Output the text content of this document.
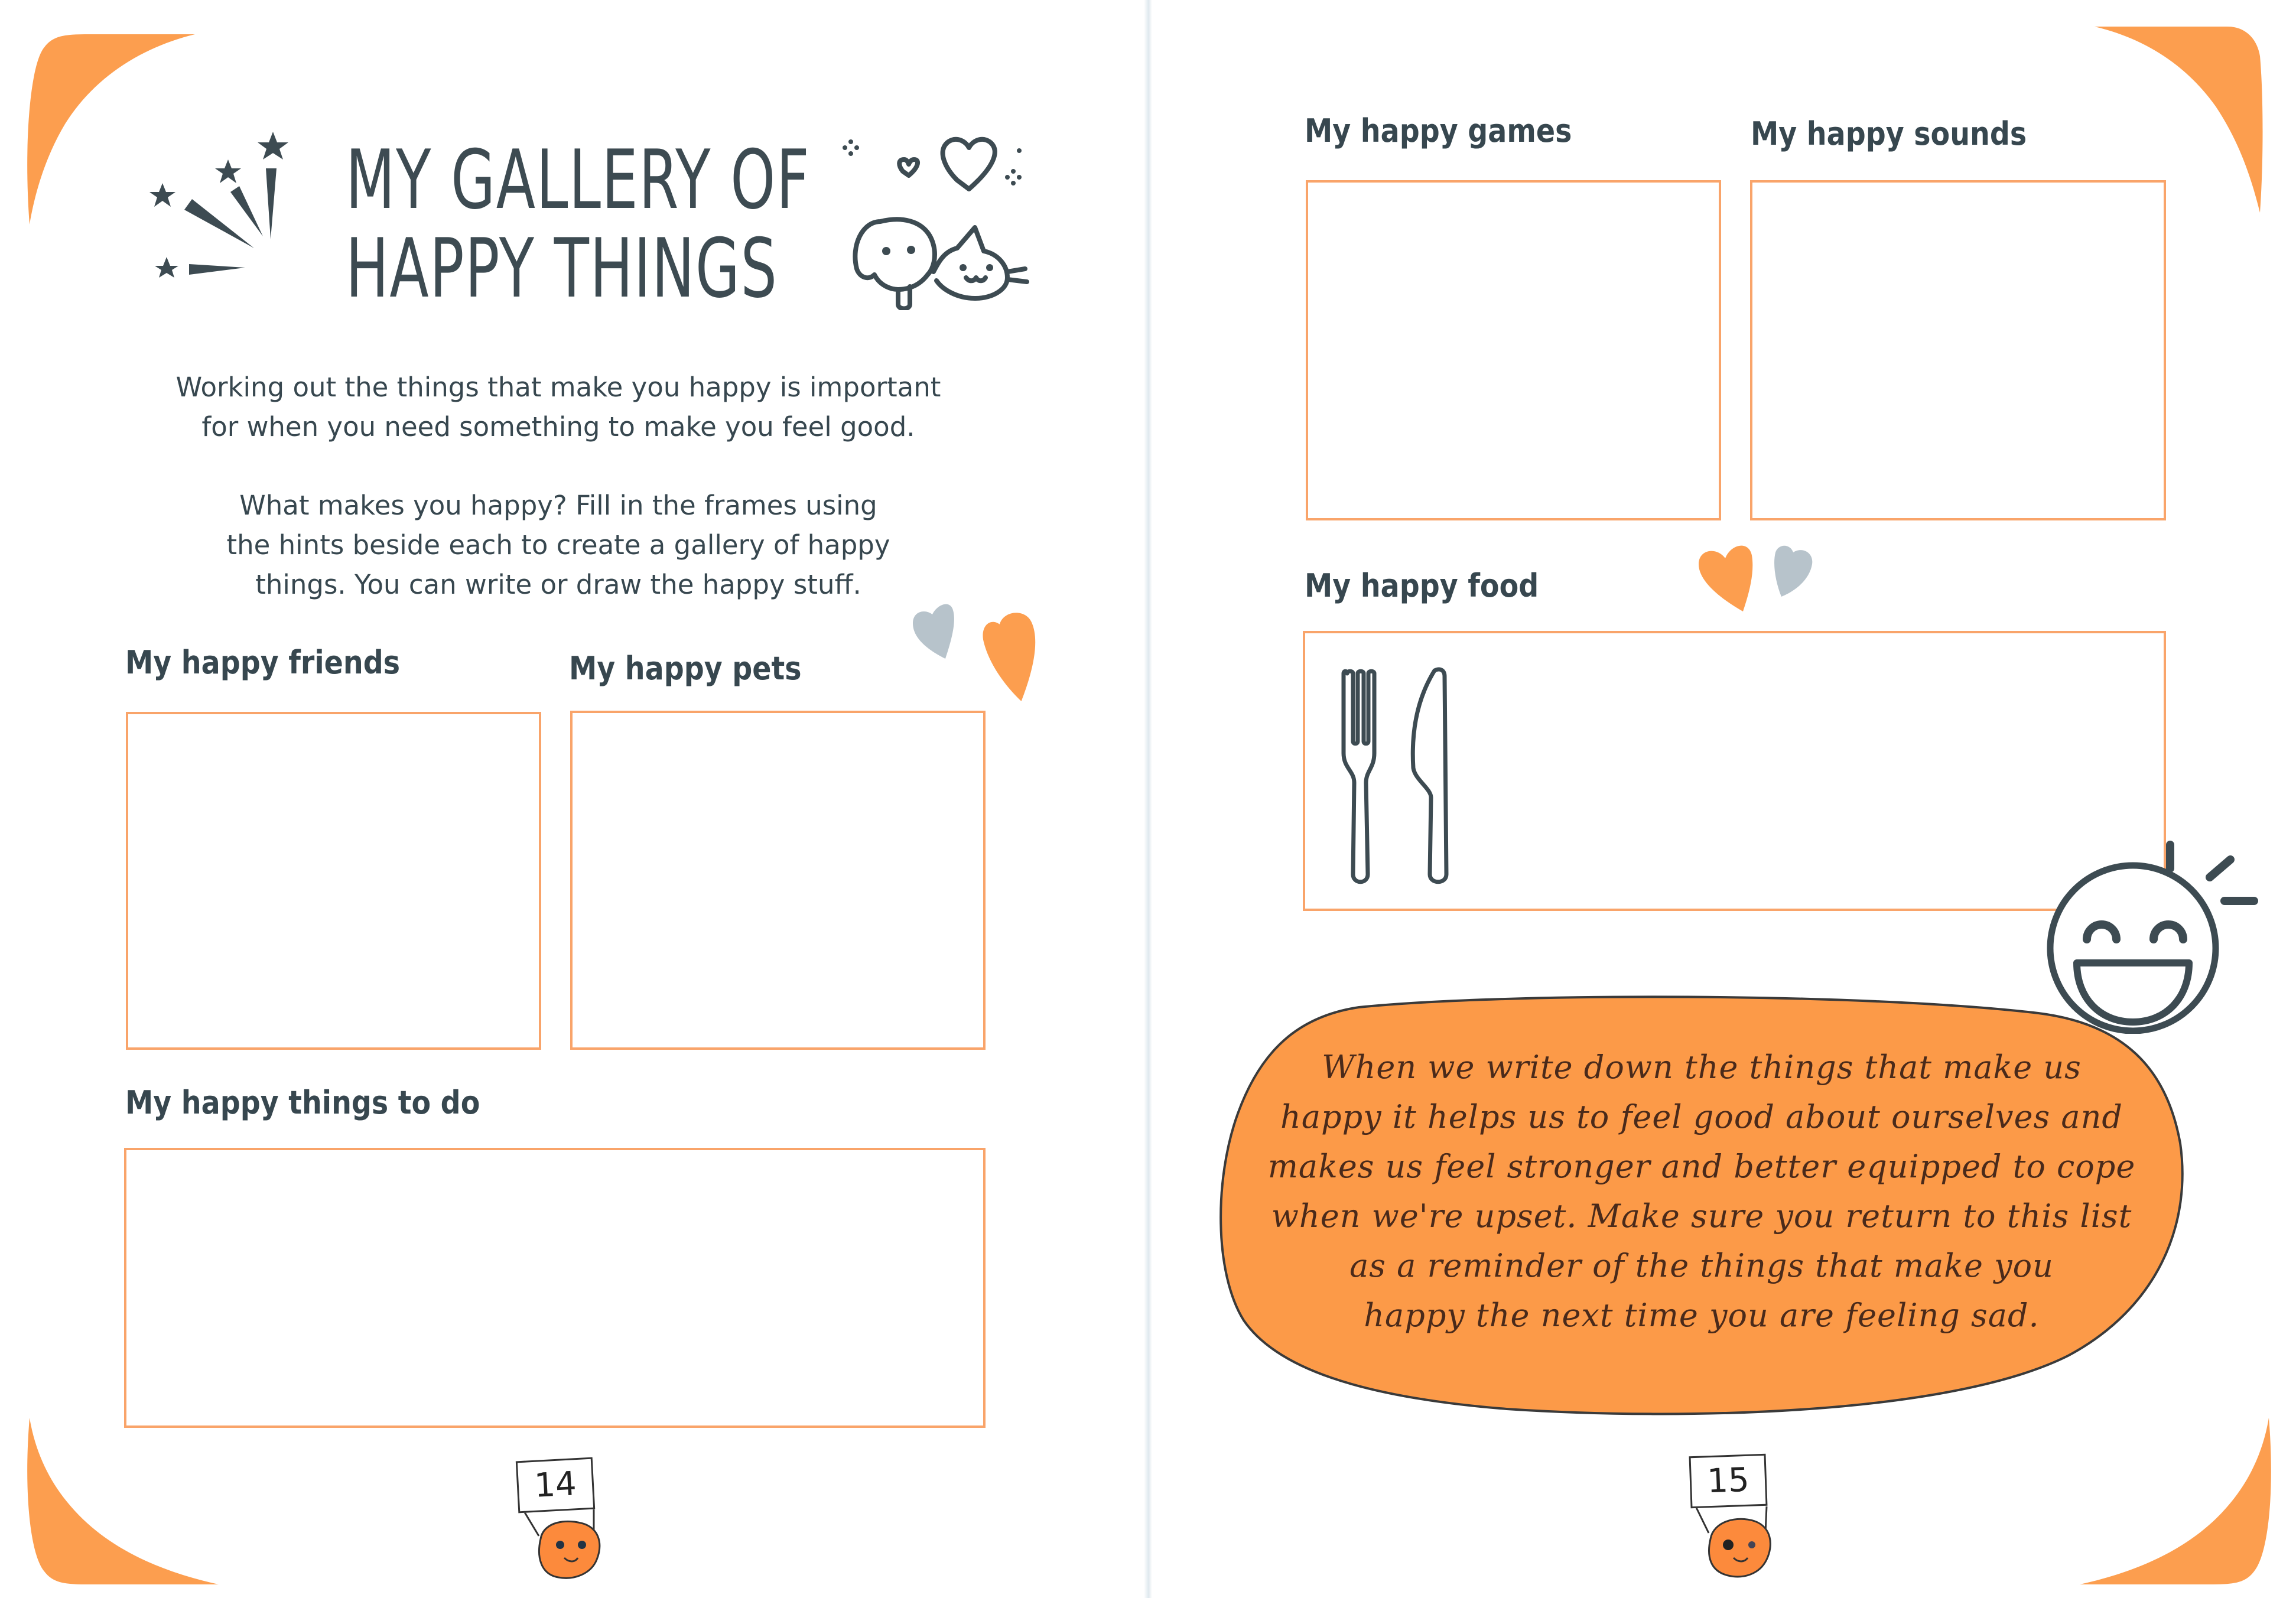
MY GALLERY OF
HAPPY THINGS
Working out the things that make you happy is important
for when you need something to make you feel good.
What makes you happy? Fill in the frames using
the hints beside each to create a gallery of happy
things. You can write or draw the happy stuff.
My happy friends	My happy pets
My happy things to do
14
My happy games	My happy sounds
My happy food
When we write down the things that make us
happy it helps us to feel good about ourselves and
makes us feel stronger and better equipped to cope
when we're upset. Make sure you return to this list
as a reminder of the things that make you
happy the next time you are feeling sad.
15
